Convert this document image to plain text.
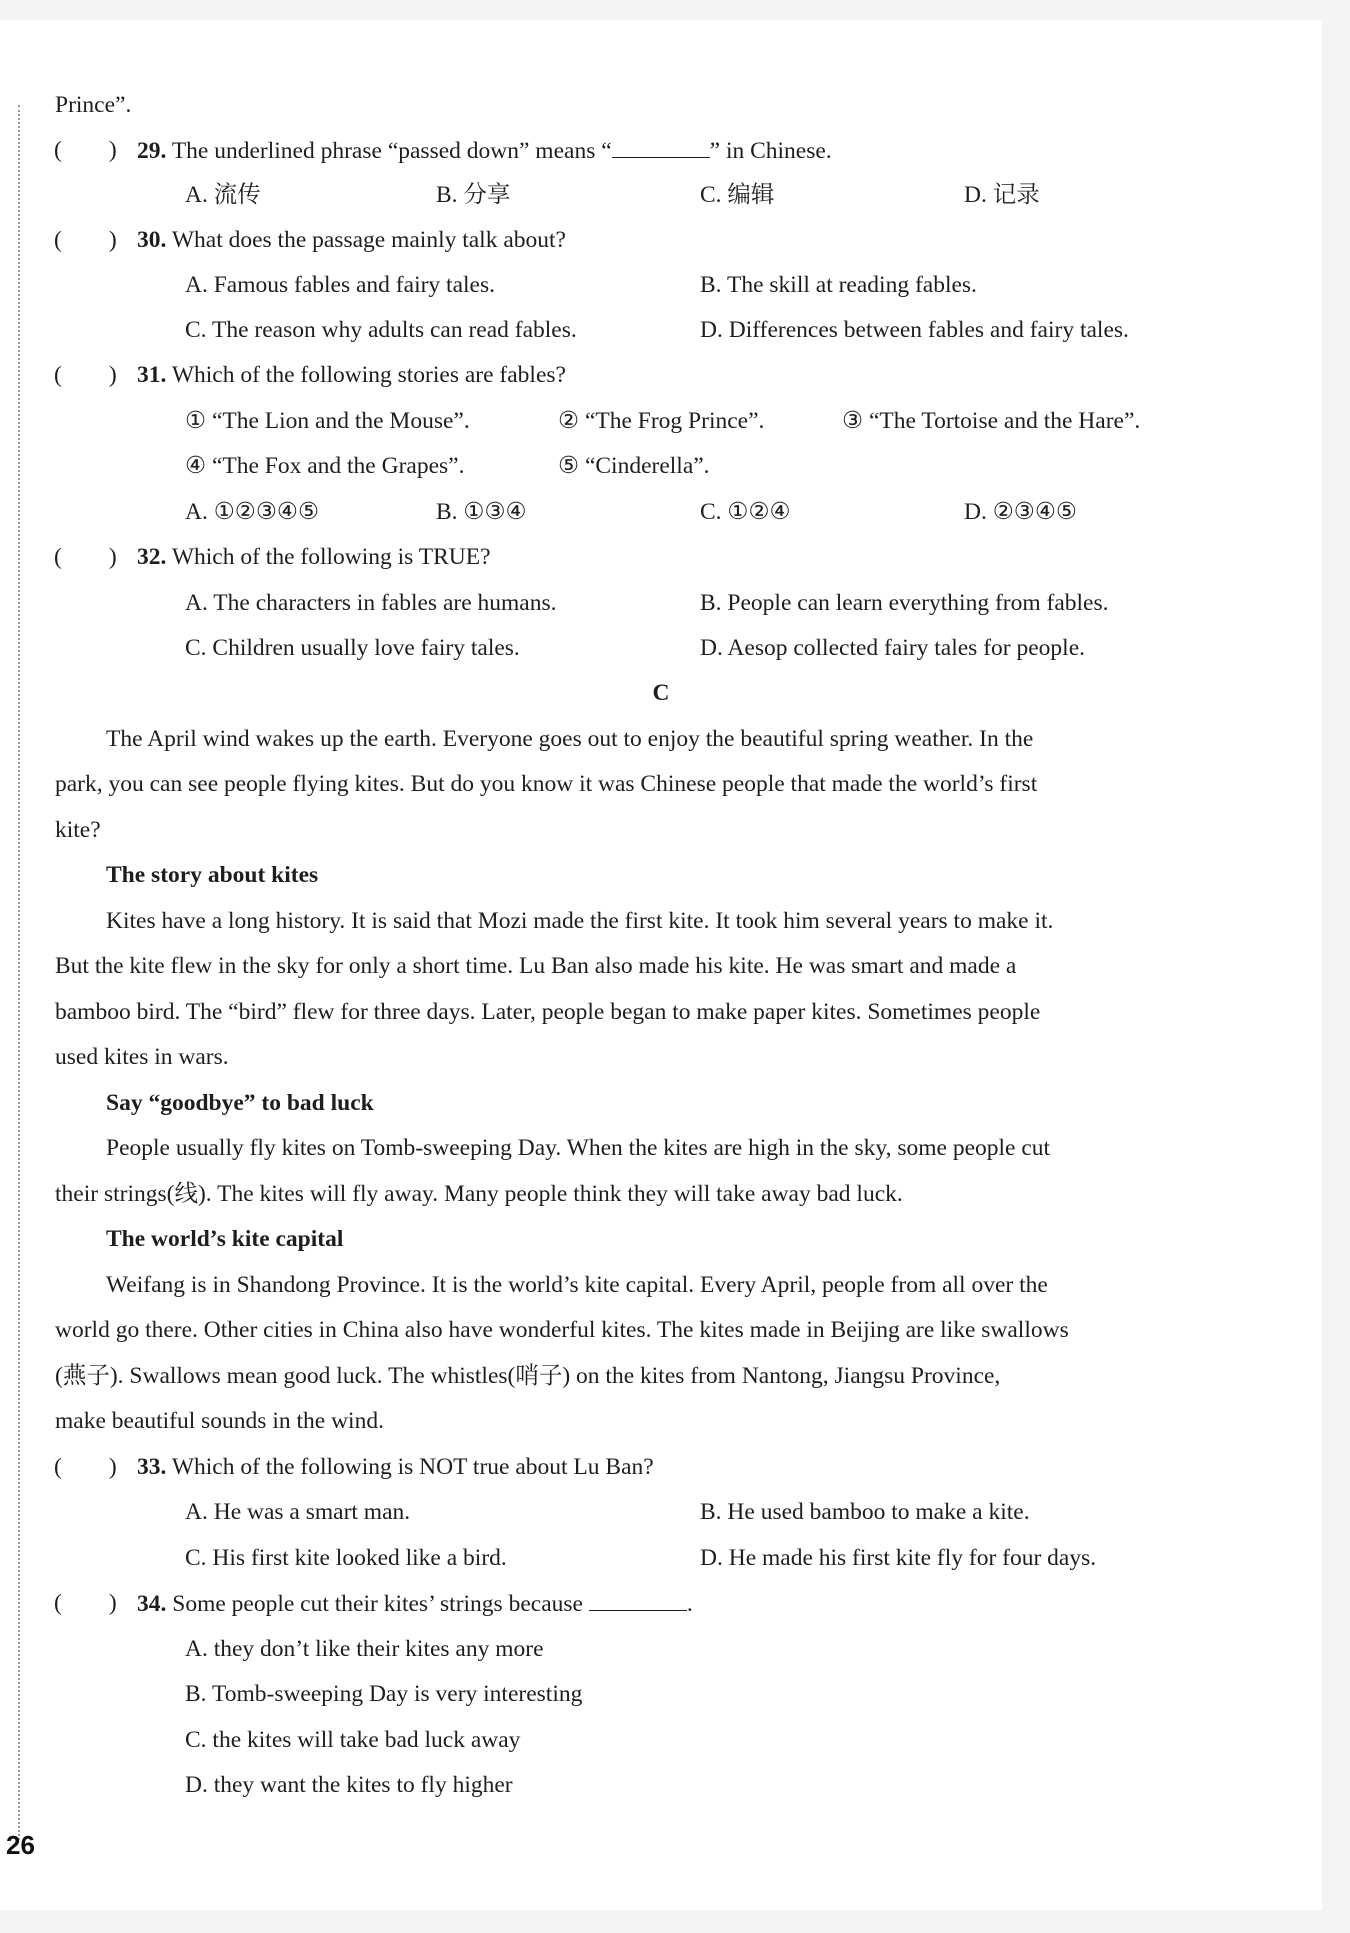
Prince”.
(　　) 29. The underlined phrase “passed down” means “	” in Chinese.
A. 流传	B. 分享	C. 编辑	D. 记录
(　　) 30. What does the passage mainly talk about?
A. Famous fables and fairy tales.	B. The skill at reading fables.
C. The reason why adults can read fables.	D. Differences between fables and fairy tales.
(　　) 31. Which of the following stories are fables?
① “The Lion and the Mouse”.	② “The Frog Prince”.	③ “The Tortoise and the Hare”.
④ “The Fox and the Grapes”.	⑤ “Cinderella”.
A. ①②③④⑤	B. ①③④	C. ①②④	D. ②③④⑤
(　　) 32. Which of the following is TRUE?
A. The characters in fables are humans.	B. People can learn everything from fables.
C. Children usually love fairy tales.	D. Aesop collected fairy tales for people.
C
The April wind wakes up the earth. Everyone goes out to enjoy the beautiful spring weather. In the
park, you can see people flying kites. But do you know it was Chinese people that made the world’s first
kite?
The story about kites
Kites have a long history. It is said that Mozi made the first kite. It took him several years to make it.
But the kite flew in the sky for only a short time. Lu Ban also made his kite. He was smart and made a
bamboo bird. The “bird” flew for three days. Later, people began to make paper kites. Sometimes people
used kites in wars.
Say “goodbye” to bad luck
People usually fly kites on Tomb-sweeping Day. When the kites are high in the sky, some people cut
their strings(线). The kites will fly away. Many people think they will take away bad luck.
The world’s kite capital
Weifang is in Shandong Province. It is the world’s kite capital. Every April, people from all over the
world go there. Other cities in China also have wonderful kites. The kites made in Beijing are like swallows
(燕子). Swallows mean good luck. The whistles(哨子) on the kites from Nantong, Jiangsu Province,
make beautiful sounds in the wind.
(　　) 33. Which of the following is NOT true about Lu Ban?
A. He was a smart man.	B. He used bamboo to make a kite.
C. His first kite looked like a bird.	D. He made his first kite fly for four days.
(　　) 34. Some people cut their kites’ strings because	.
A. they don’t like their kites any more
B. Tomb-sweeping Day is very interesting
C. the kites will take bad luck away
D. they want the kites to fly higher
26
